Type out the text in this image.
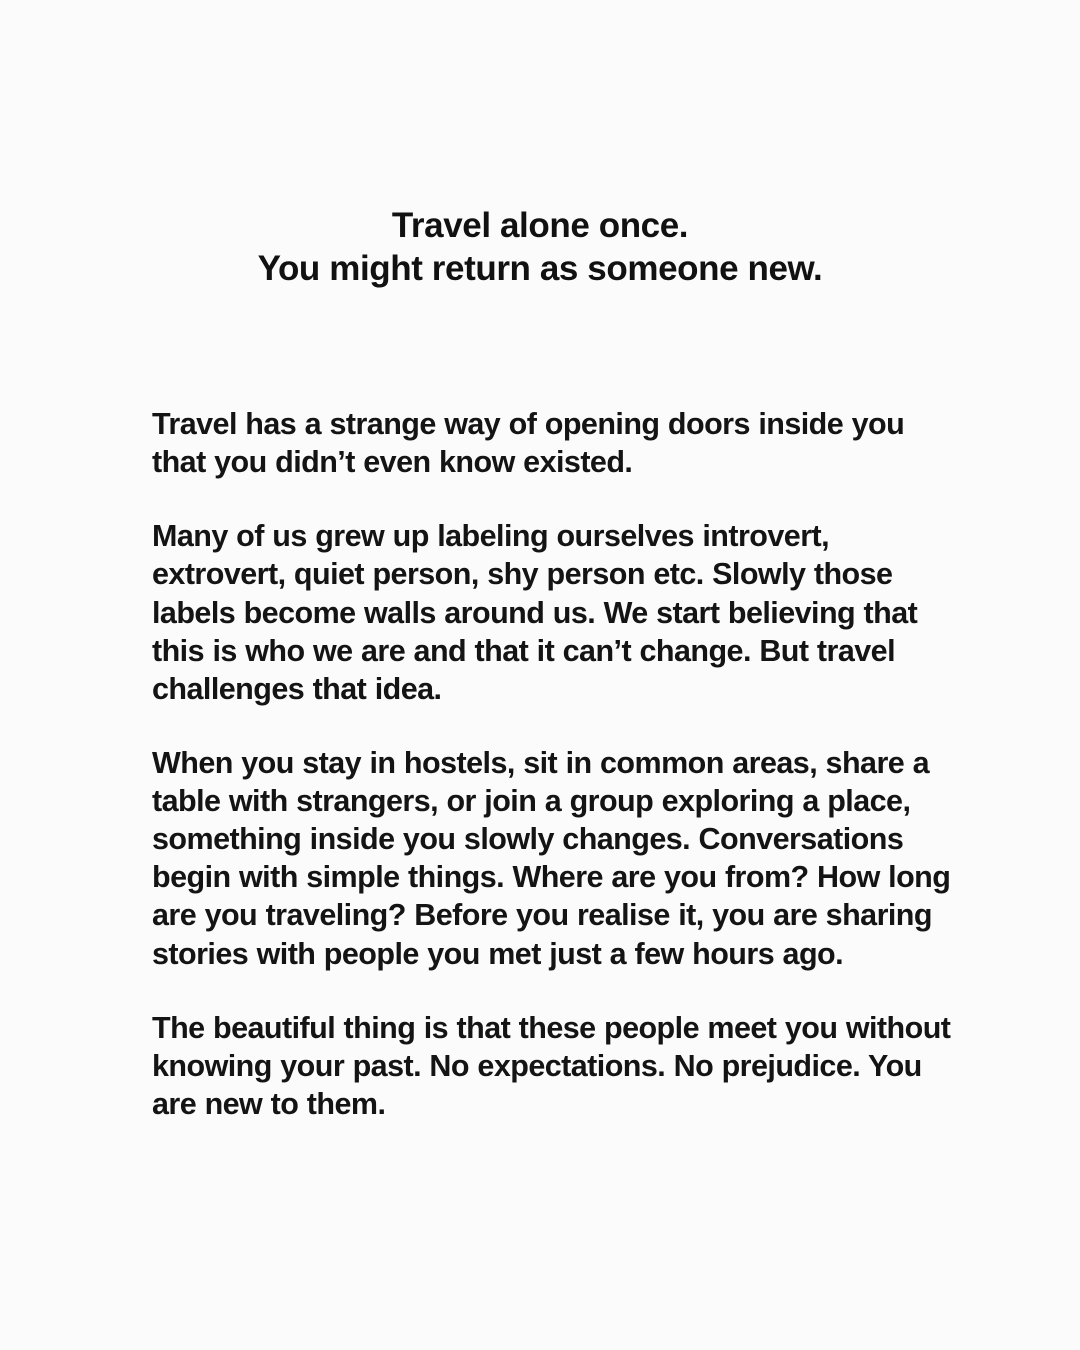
Travel alone once.
You might return as someone new.

Travel has a strange way of opening doors inside you that you didn’t even know existed.

Many of us grew up labeling ourselves introvert, extrovert, quiet person, shy person etc. Slowly those labels become walls around us. We start believing that this is who we are and that it can’t change. But travel challenges that idea.

When you stay in hostels, sit in common areas, share a table with strangers, or join a group exploring a place, something inside you slowly changes. Conversations begin with simple things. Where are you from? How long are you traveling? Before you realise it, you are sharing stories with people you met just a few hours ago.

The beautiful thing is that these people meet you without knowing your past. No expectations. No prejudice. You are new to them.
